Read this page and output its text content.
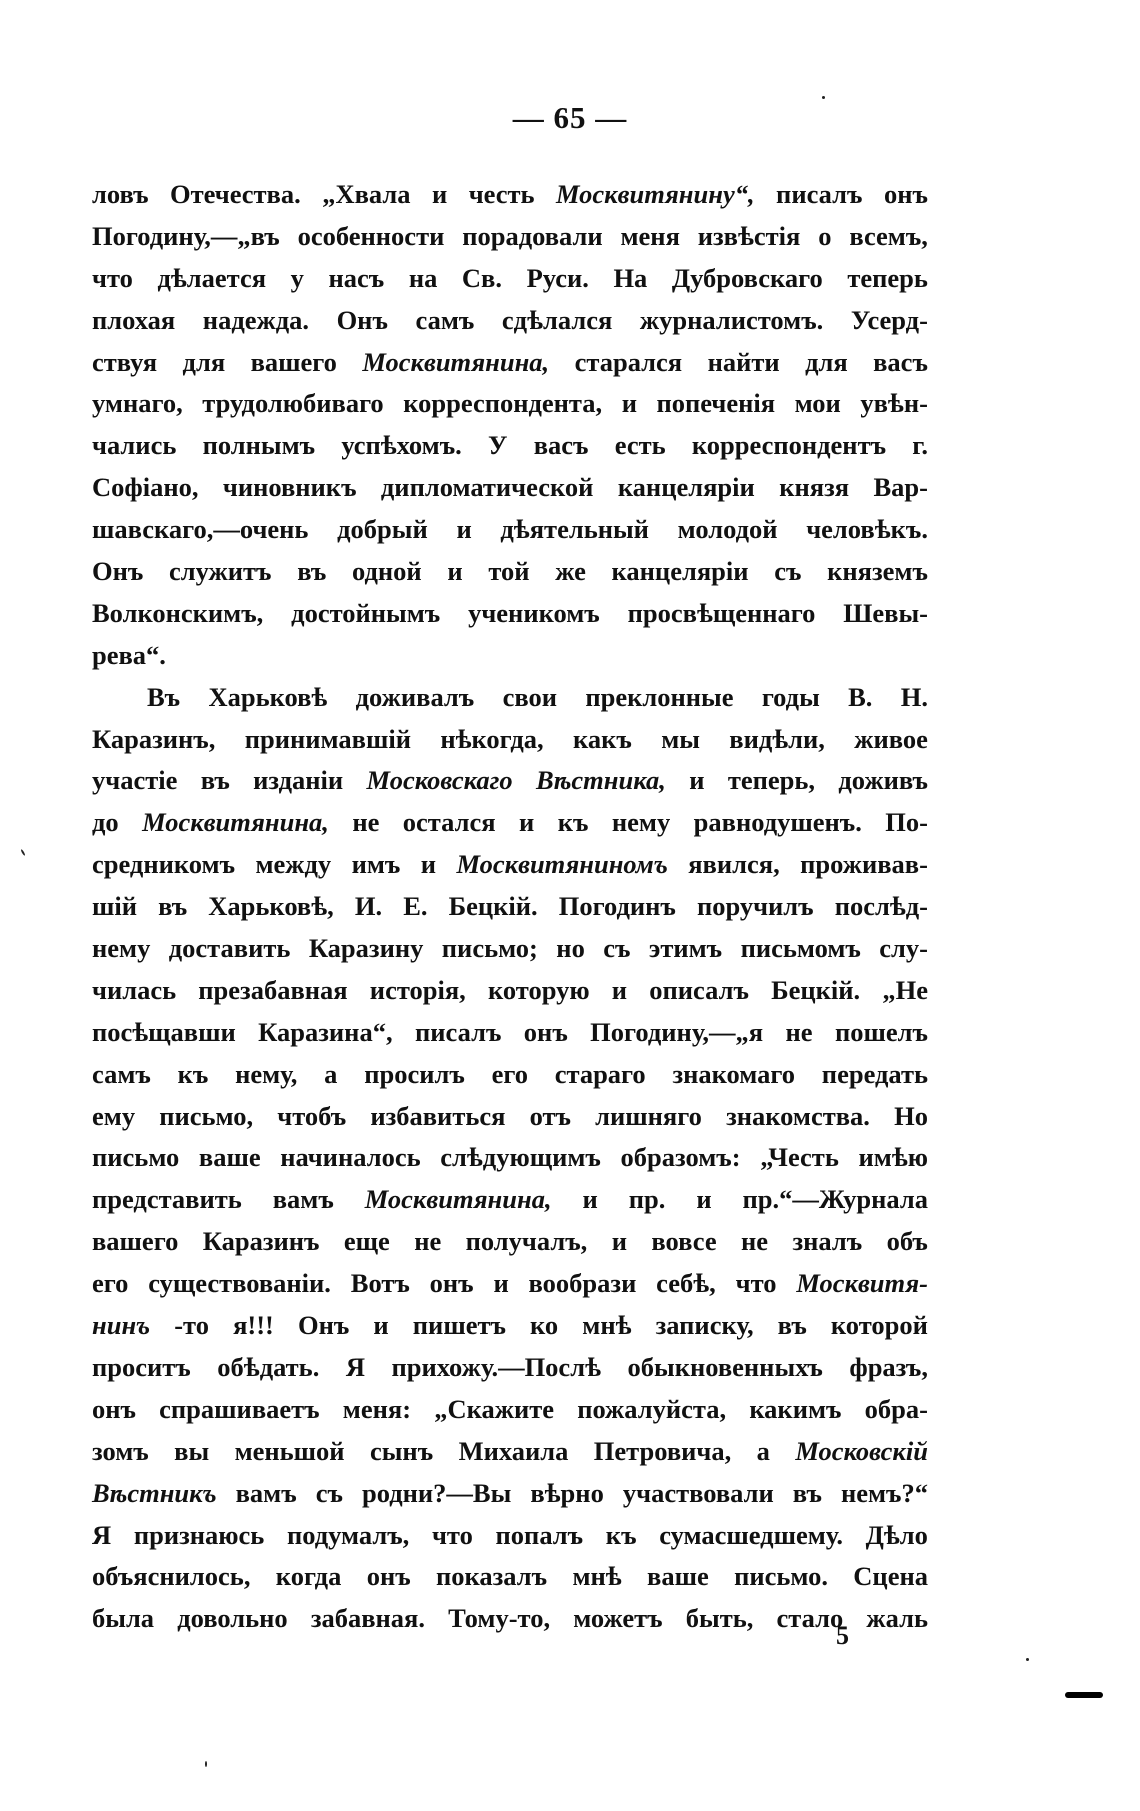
— 65 —
ловъ Отечества. „Хвала и честь Москвитянину“, писалъ онъ
Погодину,—„въ особенности порадовали меня извѣстія о всемъ,
что дѣлается у насъ на Св. Руси. На Дубровскаго теперь
плохая надежда. Онъ самъ сдѣлался журналистомъ. Усерд-
ствуя для вашего Москвитянина, старался найти для васъ
умнаго, трудолюбиваго корреспондента, и попеченія мои увѣн-
чались полнымъ успѣхомъ. У васъ есть корреспондентъ г.
Софіано, чиновникъ дипломатической канцеляріи князя Вар-
шавскаго,—очень добрый и дѣятельный молодой человѣкъ.
Онъ служитъ въ одной и той же канцеляріи съ княземъ
Волконскимъ, достойнымъ ученикомъ просвѣщеннаго Шевы-
рева“.
Въ Харьковѣ доживалъ свои преклонные годы В. Н.
Каразинъ, принимавшій нѣкогда, какъ мы видѣли, живое
участіе въ изданіи Московскаго Вѣстника, и теперь, доживъ
до Москвитянина, не остался и къ нему равнодушенъ. По-
средникомъ между имъ и Москвитяниномъ явился, проживав-
шій въ Харьковѣ, И. Е. Бецкій. Погодинъ поручилъ послѣд-
нему доставить Каразину письмо; но съ этимъ письмомъ слу-
чилась презабавная исторія, которую и описалъ Бецкій. „Не
посѣщавши Каразина“, писалъ онъ Погодину,—„я не пошелъ
самъ къ нему, а просилъ его стараго знакомаго передать
ему письмо, чтобъ избавиться отъ лишняго знакомства. Но
письмо ваше начиналось слѣдующимъ образомъ: „Честь имѣю
представить вамъ Москвитянина, и пр. и пр.“—Журнала
вашего Каразинъ еще не получалъ, и вовсе не зналъ объ
его существованіи. Вотъ онъ и вообрази себѣ, что Москвитя-
нинъ -то я!!! Онъ и пишетъ ко мнѣ записку, въ которой
проситъ обѣдать. Я прихожу.—Послѣ обыкновенныхъ фразъ,
онъ спрашиваетъ меня: „Скажите пожалуйста, какимъ обра-
зомъ вы меньшой сынъ Михаила Петровича, а Московскій
Вѣстникъ вамъ съ родни?—Вы вѣрно участвовали въ немъ?“
Я признаюсь подумалъ, что попалъ къ сумасшедшему. Дѣло
объяснилось, когда онъ показалъ мнѣ ваше письмо. Сцена
была довольно забавная. Тому-то, можетъ быть, стало жаль
5
